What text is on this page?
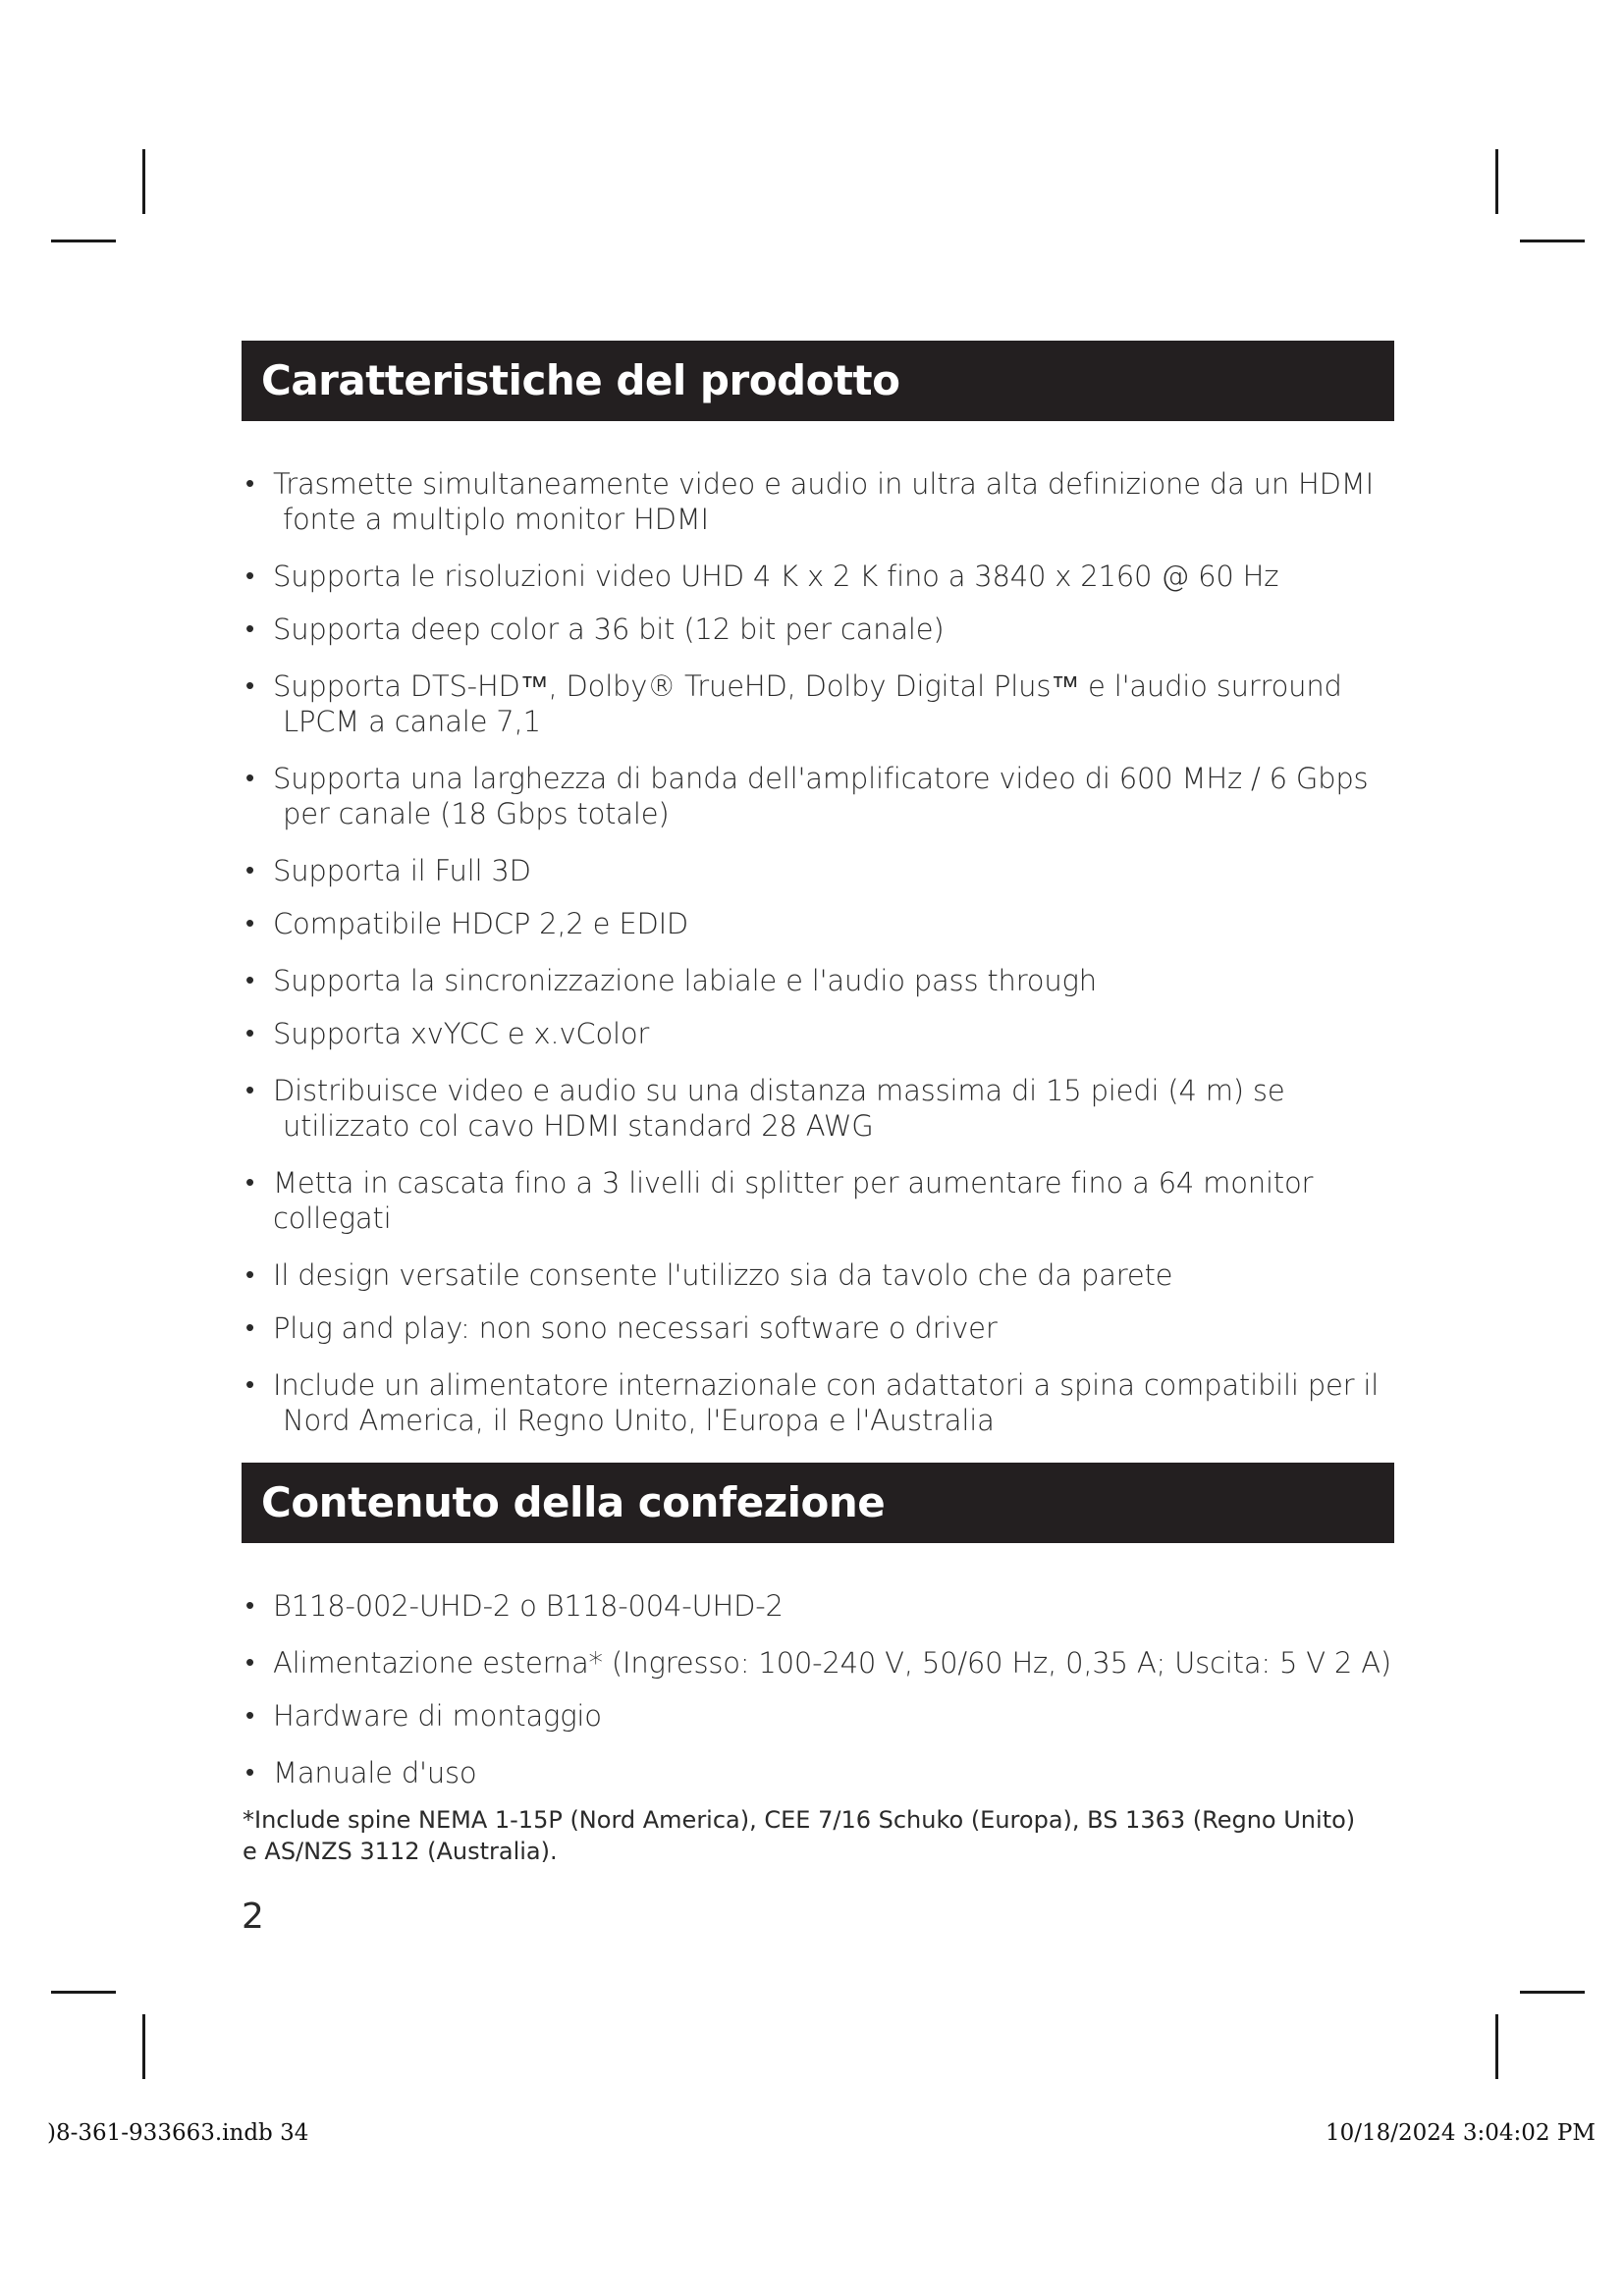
Caratteristiche del prodotto
• Trasmette simultaneamente video e audio in ultra alta definizione da un HDMI
fonte a multiplo monitor HDMI
• Supporta le risoluzioni video UHD 4 K x 2 K fino a 3840 x 2160 @ 60 Hz
• Supporta deep color a 36 bit (12 bit per canale)
• Supporta DTS-HD™, Dolby® TrueHD, Dolby Digital Plus™ e l'audio surround
LPCM a canale 7,1
• Supporta una larghezza di banda dell'amplificatore video di 600 MHz / 6 Gbps
per canale (18 Gbps totale)
• Supporta il Full 3D
• Compatibile HDCP 2,2 e EDID
• Supporta la sincronizzazione labiale e l'audio pass through
• Supporta xvYCC e x.vColor
• Distribuisce video e audio su una distanza massima di 15 piedi (4 m) se
utilizzato col cavo HDMI standard 28 AWG
• Metta in cascata fino a 3 livelli di splitter per aumentare fino a 64 monitor collegati
• Il design versatile consente l'utilizzo sia da tavolo che da parete
• Plug and play: non sono necessari software o driver
• Include un alimentatore internazionale con adattatori a spina compatibili per il
Nord America, il Regno Unito, l'Europa e l'Australia
Contenuto della confezione
• B118-002-UHD-2 o B118-004-UHD-2
• Alimentazione esterna* (Ingresso: 100-240 V, 50/60 Hz, 0,35 A; Uscita: 5 V 2 A)
• Hardware di montaggio
• Manuale d'uso
*Include spine NEMA 1-15P (Nord America), CEE 7/16 Schuko (Europa), BS 1363 (Regno Unito)
e AS/NZS 3112 (Australia).
2
)8-361-933663.indb 34	10/18/2024 3:04:02 PM
